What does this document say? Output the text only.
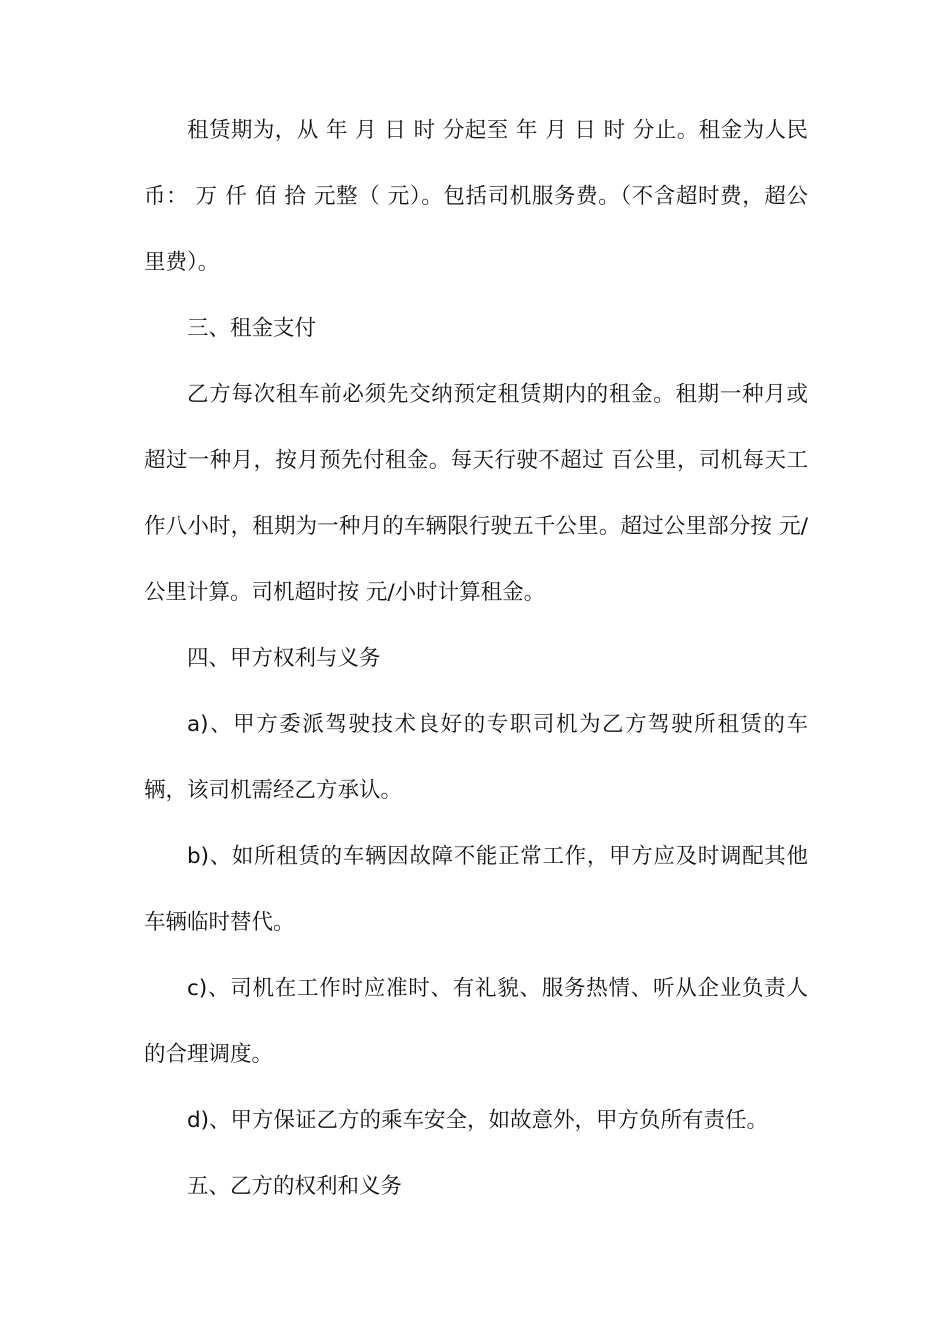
租赁期为，从 年 月 日 时 分起至 年 月 日 时 分止。租金为人民币： 万 仟 佰 拾 元整（ 元）。包括司机服务费。（不含超时费，超公里费）。

三、租金支付

乙方每次租车前必须先交纳预定租赁期内的租金。租期一种月或超过一种月，按月预先付租金。每天行驶不超过 百公里，司机每天工作八小时，租期为一种月的车辆限行驶五千公里。超过公里部分按 元/公里计算。司机超时按 元/小时计算租金。

四、甲方权利与义务

a)、甲方委派驾驶技术良好的专职司机为乙方驾驶所租赁的车辆，该司机需经乙方承认。

b)、如所租赁的车辆因故障不能正常工作，甲方应及时调配其他车辆临时替代。

c)、司机在工作时应准时、有礼貌、服务热情、听从企业负责人的合理调度。

d)、甲方保证乙方的乘车安全，如故意外，甲方负所有责任。

五、乙方的权利和义务
